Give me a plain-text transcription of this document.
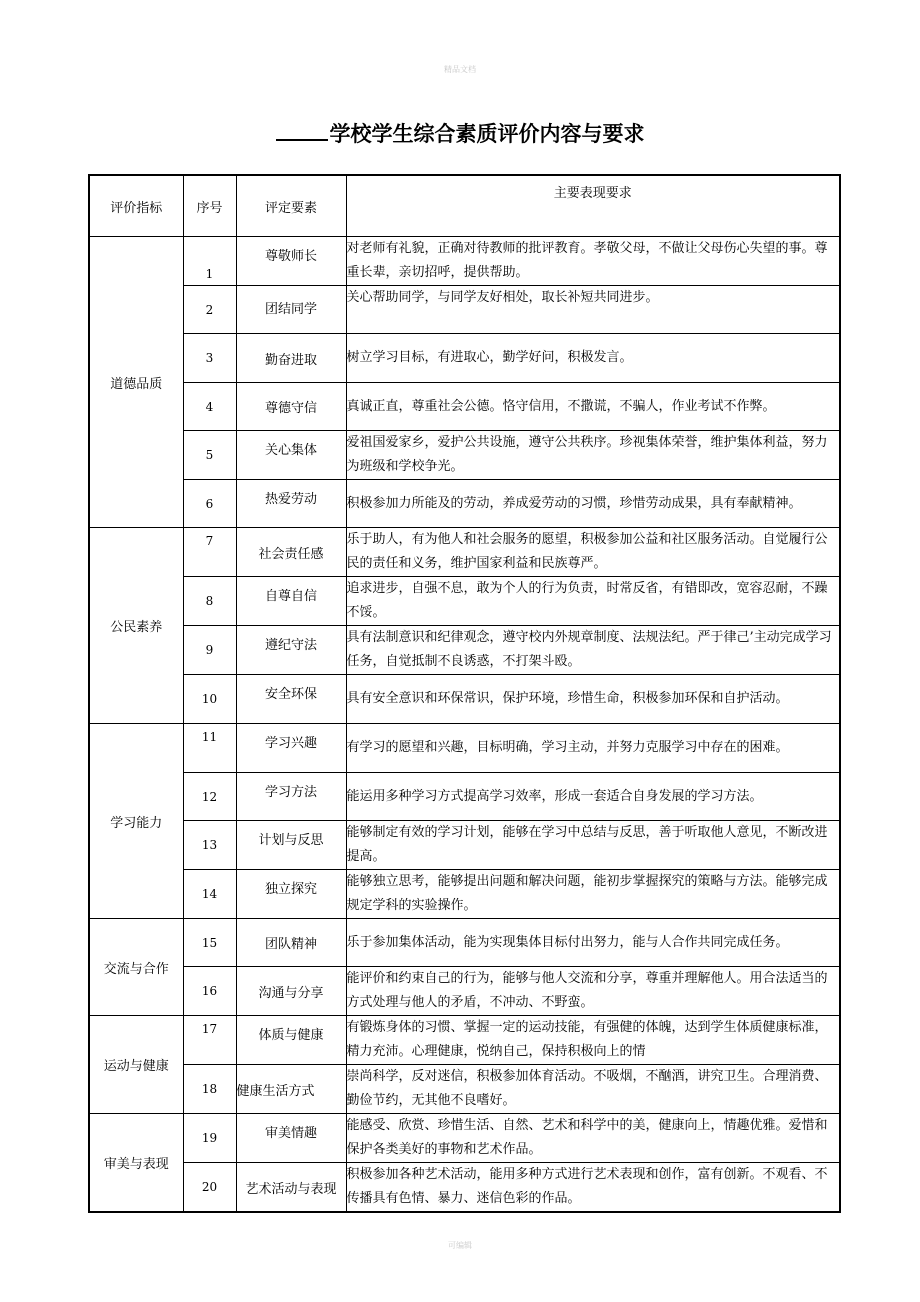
精品文档
学校学生综合素质评价内容与要求
评价指标	序号	评定要素	主要表现要求
道德品质	1	尊敬师长	对老师有礼貌，正确对待教师的批评教育。孝敬父母，不做让父母伤心失望的事。尊重长辈，亲切招呼，提供帮助。
	2	团结同学	关心帮助同学，与同学友好相处，取长补短共同进步。
	3	勤奋进取	树立学习目标，有进取心，勤学好问，积极发言。
	4	尊德守信	真诚正直，尊重社会公德。恪守信用，不撒谎，不骗人，作业考试不作弊。
	5	关心集体	爱祖国爱家乡，爱护公共设施，遵守公共秩序。珍视集体荣誉，维护集体利益，努力为班级和学校争光。
	6	热爱劳动	积极参加力所能及的劳动，养成爱劳动的习惯，珍惜劳动成果，具有奉献精神。
公民素养	7	社会责任感	乐于助人，有为他人和社会服务的愿望，积极参加公益和社区服务活动。自觉履行公民的责任和义务，维护国家利益和民族尊严。
	8	自尊自信	追求进步，自强不息，敢为个人的行为负责，时常反省，有错即改，宽容忍耐，不躁不馁。
	9	遵纪守法	具有法制意识和纪律观念，遵守校内外规章制度、法规法纪。严于律己’主动完成学习任务，自觉抵制不良诱惑，不打架斗殴。
	10	安全环保	具有安全意识和环保常识，保护环境，珍惜生命，积极参加环保和自护活动。
学习能力	11	学习兴趣	有学习的愿望和兴趣，目标明确，学习主动，并努力克服学习中存在的困难。
	12	学习方法	能运用多种学习方式提高学习效率，形成一套适合自身发展的学习方法。
	13	计划与反思	能够制定有效的学习计划，能够在学习中总结与反思，善于听取他人意见，不断改进提高。
	14	独立探究	能够独立思考，能够提出问题和解决问题，能初步掌握探究的策略与方法。能够完成规定学科的实验操作。
交流与合作	15	团队精神	乐于参加集体活动，能为实现集体目标付出努力，能与人合作共同完成任务。
	16	沟通与分享	能评价和约束自己的行为，能够与他人交流和分享，尊重并理解他人。用合法适当的方式处理与他人的矛盾，不冲动、不野蛮。
运动与健康	17	体质与健康	有锻炼身体的习惯、掌握一定的运动技能，有强健的体魄，达到学生体质健康标准，精力充沛。心理健康，悦纳自己，保持积极向上的情
	18	健康生活方式	崇尚科学，反对迷信，积极参加体育活动。不吸烟，不酗酒，讲究卫生。合理消费、勤俭节约，无其他不良嗜好。
审美与表现	19	审美情趣	能感受、欣赏、珍惜生活、自然、艺术和科学中的美，健康向上，情趣优雅。爱惜和保护各类美好的事物和艺术作品。
	20	艺术活动与表现	积极参加各种艺术活动，能用多种方式进行艺术表现和创作，富有创新。不观看、不传播具有色情、暴力、迷信色彩的作品。
可编辑
